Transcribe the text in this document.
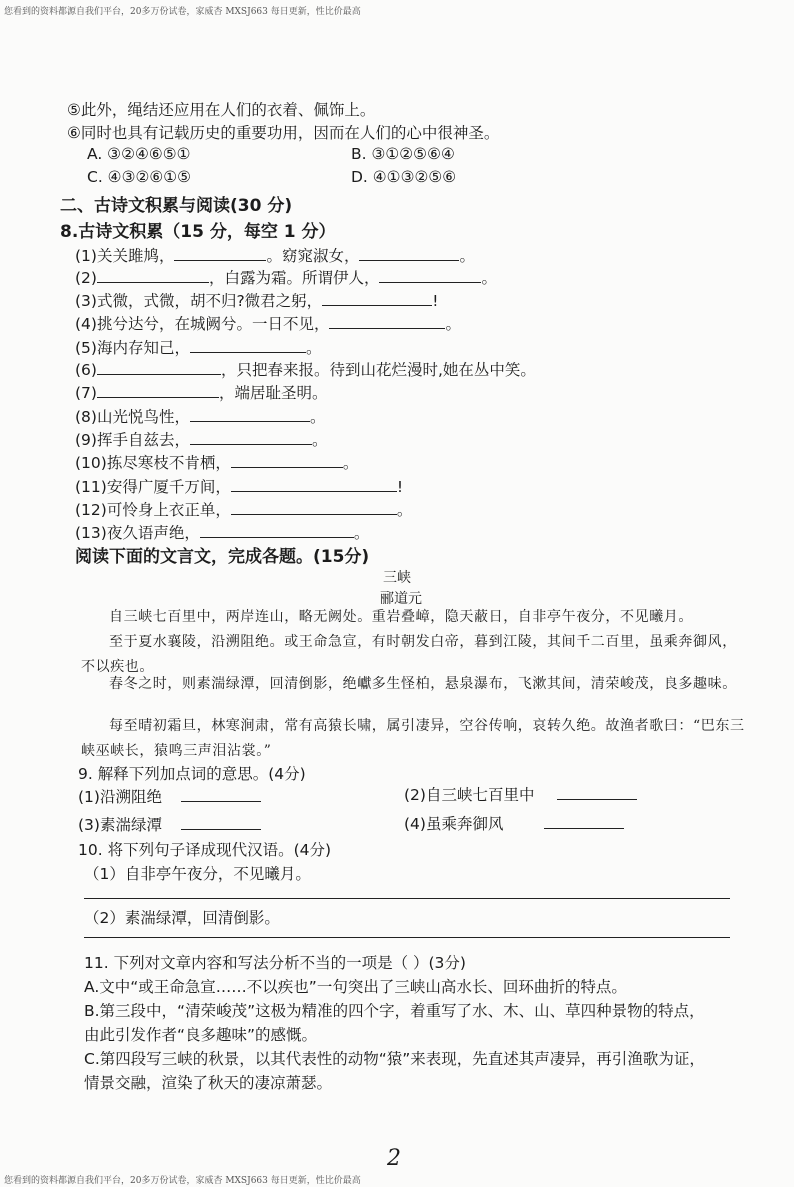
您看到的资料都源自我们平台，20多万份试卷，家威杏 MXSJ663 每日更新，性比价最高
您看到的资料都源自我们平台，20多万份试卷，家威杏 MXSJ663 每日更新，性比价最高
⑤此外，绳结还应用在人们的衣着、佩饰上。
⑥同时也具有记载历史的重要功用，因而在人们的心中很神圣。
A. ③②④⑥⑤①	B. ③①②⑤⑥④
C. ④③②⑥①⑤	D. ④①③②⑤⑥
二、古诗文积累与阅读(30 分)
8.古诗文积累（15 分，每空 1 分）
(1)关关雎鸠，	。窈窕淑女，	。
(2)	，白露为霜。所谓伊人，	。
(3)式微，式微，胡不归?微君之躬，	!
(4)挑兮达兮，在城阙兮。一日不见，	。
(5)海内存知己，	。
(6)	，只把春来报。待到山花烂漫时,她在丛中笑。
(7)	，端居耻圣明。
(8)山光悦鸟性，	。
(9)挥手自兹去，	。
(10)拣尽寒枝不肯栖，	。
(11)安得广厦千万间，	!
(12)可怜身上衣正单，	。
(13)夜久语声绝，	。
阅读下面的文言文，完成各题。(15分)
三峡
郦道元
自三峡七百里中，两岸连山，略无阙处。重岩叠嶂，隐天蔽日，自非亭午夜分，不见曦月。
至于夏水襄陵，沿溯阻绝。或王命急宣，有时朝发白帝，暮到江陵，其间千二百里，虽乘奔御风，不以疾也。
春冬之时，则素湍绿潭，回清倒影，绝巘多生怪柏，悬泉瀑布，飞漱其间，清荣峻茂，良多趣味。
每至晴初霜旦，林寒涧肃，常有高猿长啸，属引凄异，空谷传响，哀转久绝。故渔者歌曰：“巴东三峡巫峡长，猿鸣三声泪沾裳。”
9. 解释下列加点词的意思。(4分)
(1)沿溯阻绝	(2)自三峡七百里中
(3)素湍绿潭	(4)虽乘奔御风
10. 将下列句子译成现代汉语。(4分)
（1）自非亭午夜分，不见曦月。
（2）素湍绿潭，回清倒影。
11. 下列对文章内容和写法分析不当的一项是（ ）(3分)
A.文中“或王命急宣……不以疾也”一句突出了三峡山高水长、回环曲折的特点。
B.第三段中，“清荣峻茂”这极为精准的四个字，着重写了水、木、山、草四种景物的特点，
由此引发作者“良多趣味”的感慨。
C.第四段写三峡的秋景，以其代表性的动物“猿”来表现，先直述其声凄异，再引渔歌为证，
情景交融，渲染了秋天的凄凉萧瑟。
2
